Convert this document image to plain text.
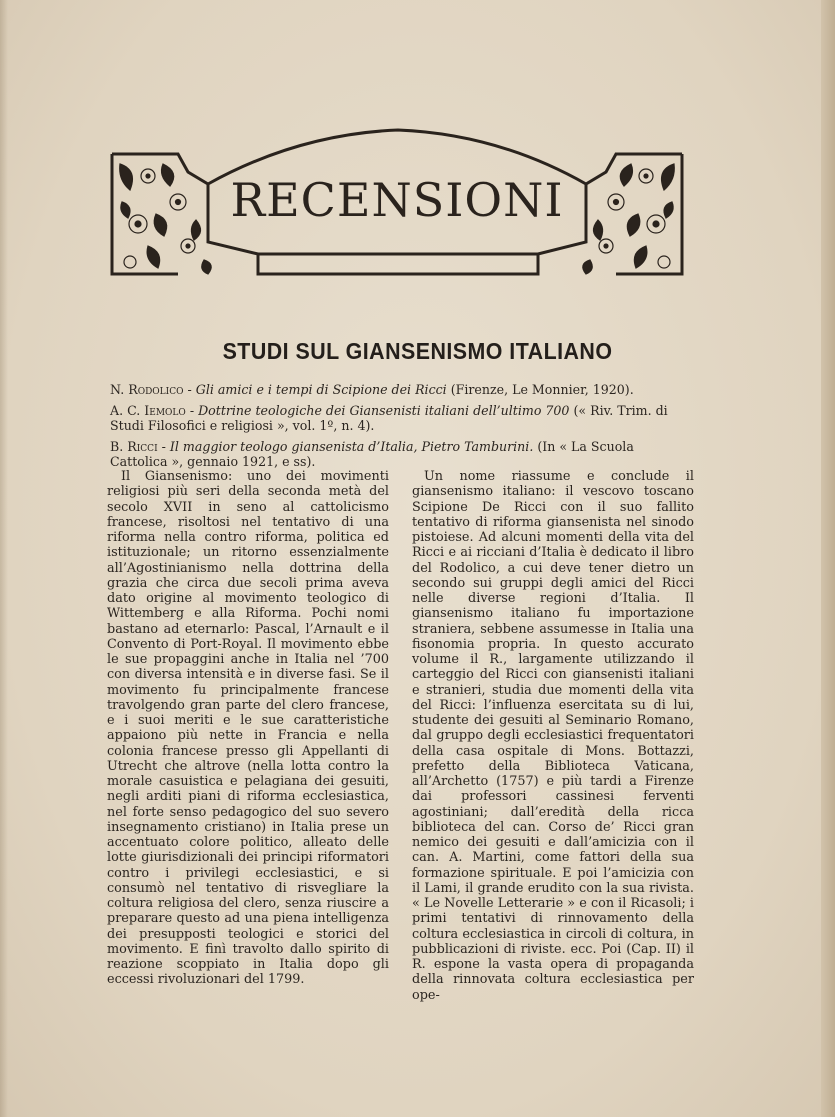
RECENSIONI
STUDI SUL GIANSENISMO ITALIANO
N. Rodolico - Gli amici e i tempi di Scipione dei Ricci (Firenze, Le Monnier, 1920).
A. C. Iemolo - Dottrine teologiche dei Giansenisti italiani dell’ultimo 700 (« Riv. Trim. di Studi Filosofici e religiosi », vol. 1º, n. 4).
B. Ricci - Il maggior teologo giansenista d’Italia, Pietro Tamburini. (In « La Scuola Cattolica », gennaio 1921, e ss).

Il Giansenismo: uno dei movimenti religiosi più seri della seconda metà del secolo XVII in seno al cattolicismo francese, risoltosi nel tentativo di una riforma nella contro riforma, politica ed istituzionale; un ritorno essenzialmente all’Agostinianismo nella dottrina della grazia che circa due secoli prima aveva dato origine al movimento teologico di Wittemberg e alla Riforma. Pochi nomi bastano ad eternarlo: Pascal, l’Arnault e il Convento di Port-Royal. Il movimento ebbe le sue propaggini anche in Italia nel ’700 con diversa intensità e in diverse fasi. Se il movimento fu principalmente francese travolgendo gran parte del clero francese, e i suoi meriti e le sue caratteristiche appaiono più nette in Francia e nella colonia francese presso gli Appellanti di Utrecht che altrove (nella lotta contro la morale casuistica e pelagiana dei gesuiti, negli arditi piani di riforma ecclesiastica, nel forte senso pedagogico del suo severo insegnamento cristiano) in Italia prese un accentuato colore politico, alleato delle lotte giurisdizionali dei principi riformatori contro i privilegi ecclesiastici, e si consumò nel tentativo di risvegliare la coltura religiosa del clero, senza riuscire a preparare questo ad una piena intelligenza dei presupposti teologici e storici del movimento. E finì travolto dallo spirito di reazione scoppiato in Italia dopo gli eccessi rivoluzionari del 1799.

Un nome riassume e conclude il giansenismo italiano: il vescovo toscano Scipione De Ricci con il suo fallito tentativo di riforma giansenista nel sinodo pistoiese. Ad alcuni momenti della vita del Ricci e ai ricciani d’Italia è dedicato il libro del Rodolico, a cui deve tener dietro un secondo sui gruppi degli amici del Ricci nelle diverse regioni d’Italia. Il giansenismo italiano fu importazione straniera, sebbene assumesse in Italia una fisonomia propria. In questo accurato volume il R., largamente utilizzando il carteggio del Ricci con giansenisti italiani e stranieri, studia due momenti della vita del Ricci: l’influenza esercitata su di lui, studente dei gesuiti al Seminario Romano, dal gruppo degli ecclesiastici frequentatori della casa ospitale di Mons. Bottazzi, prefetto della Biblioteca Vaticana, all’Archetto (1757) e più tardi a Firenze dai professori cassinesi ferventi agostiniani; dall’eredità della ricca biblioteca del can. Corso de’ Ricci gran nemico dei gesuiti e dall’amicizia con il can. A. Martini, come fattori della sua formazione spirituale. E poi l’amicizia con il Lami, il grande erudito con la sua rivista. « Le Novelle Letterarie » e con il Ricasoli; i primi tentativi di rinnovamento della coltura ecclesiastica in circoli di coltura, in pubblicazioni di riviste. ecc. Poi (Cap. II) il R. espone la vasta opera di propaganda della rinnovata coltura ecclesiastica per ope-
